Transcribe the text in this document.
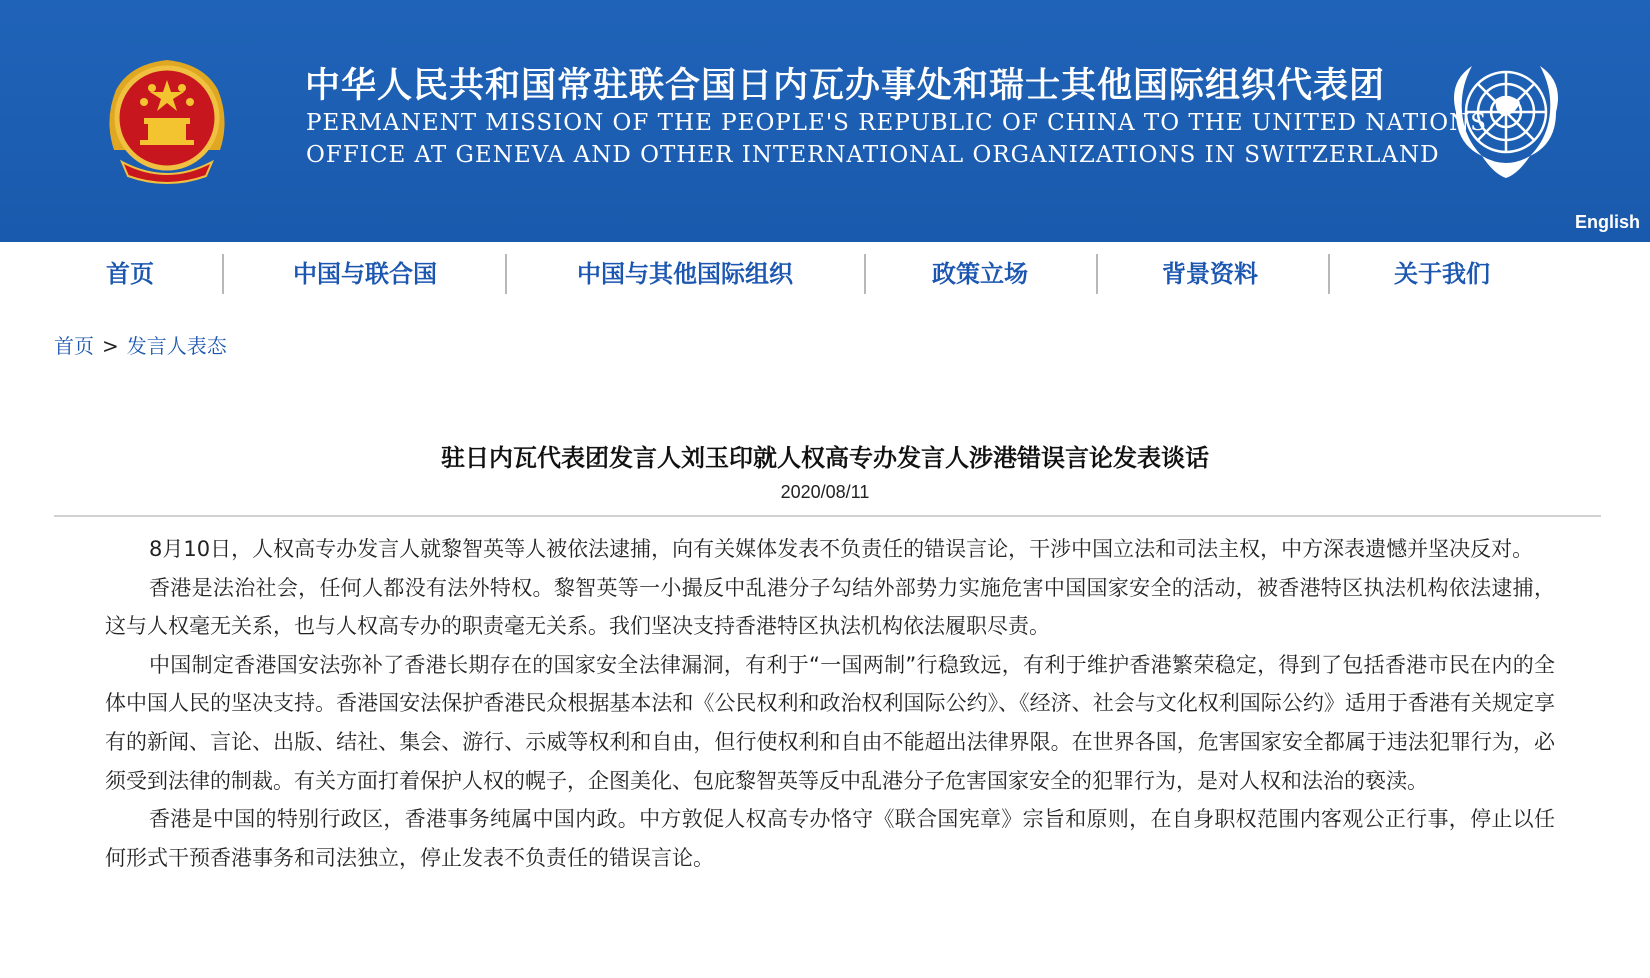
中华人民共和国常驻联合国日内瓦办事处和瑞士其他国际组织代表团
PERMANENT MISSION OF THE PEOPLE'S REPUBLIC OF CHINA TO THE UNITED NATIONS
OFFICE AT GENEVA AND OTHER INTERNATIONAL ORGANIZATIONS IN SWITZERLAND
English
首页	中国与联合国	中国与其他国际组织	政策立场	背景资料	关于我们
首页 > 发言人表态
驻日内瓦代表团发言人刘玉印就人权高专办发言人涉港错误言论发表谈话
2020/08/11

8月10日，人权高专办发言人就黎智英等人被依法逮捕，向有关媒体发表不负责任的错误言论，干涉中国立法和司法主权，中方深表遗憾并坚决反对。

香港是法治社会，任何人都没有法外特权。黎智英等一小撮反中乱港分子勾结外部势力实施危害中国国家安全的活动，被香港特区执法机构依法逮捕，这与人权毫无关系，也与人权高专办的职责毫无关系。我们坚决支持香港特区执法机构依法履职尽责。

中国制定香港国安法弥补了香港长期存在的国家安全法律漏洞，有利于“一国两制”行稳致远，有利于维护香港繁荣稳定，得到了包括香港市民在内的全体中国人民的坚决支持。香港国安法保护香港民众根据基本法和《公民权利和政治权利国际公约》、《经济、社会与文化权利国际公约》适用于香港有关规定享有的新闻、言论、出版、结社、集会、游行、示威等权利和自由，但行使权利和自由不能超出法律界限。在世界各国，危害国家安全都属于违法犯罪行为，必须受到法律的制裁。有关方面打着保护人权的幌子，企图美化、包庇黎智英等反中乱港分子危害国家安全的犯罪行为，是对人权和法治的亵渎。

香港是中国的特别行政区，香港事务纯属中国内政。中方敦促人权高专办恪守《联合国宪章》宗旨和原则，在自身职权范围内客观公正行事，停止以任何形式干预香港事务和司法独立，停止发表不负责任的错误言论。
